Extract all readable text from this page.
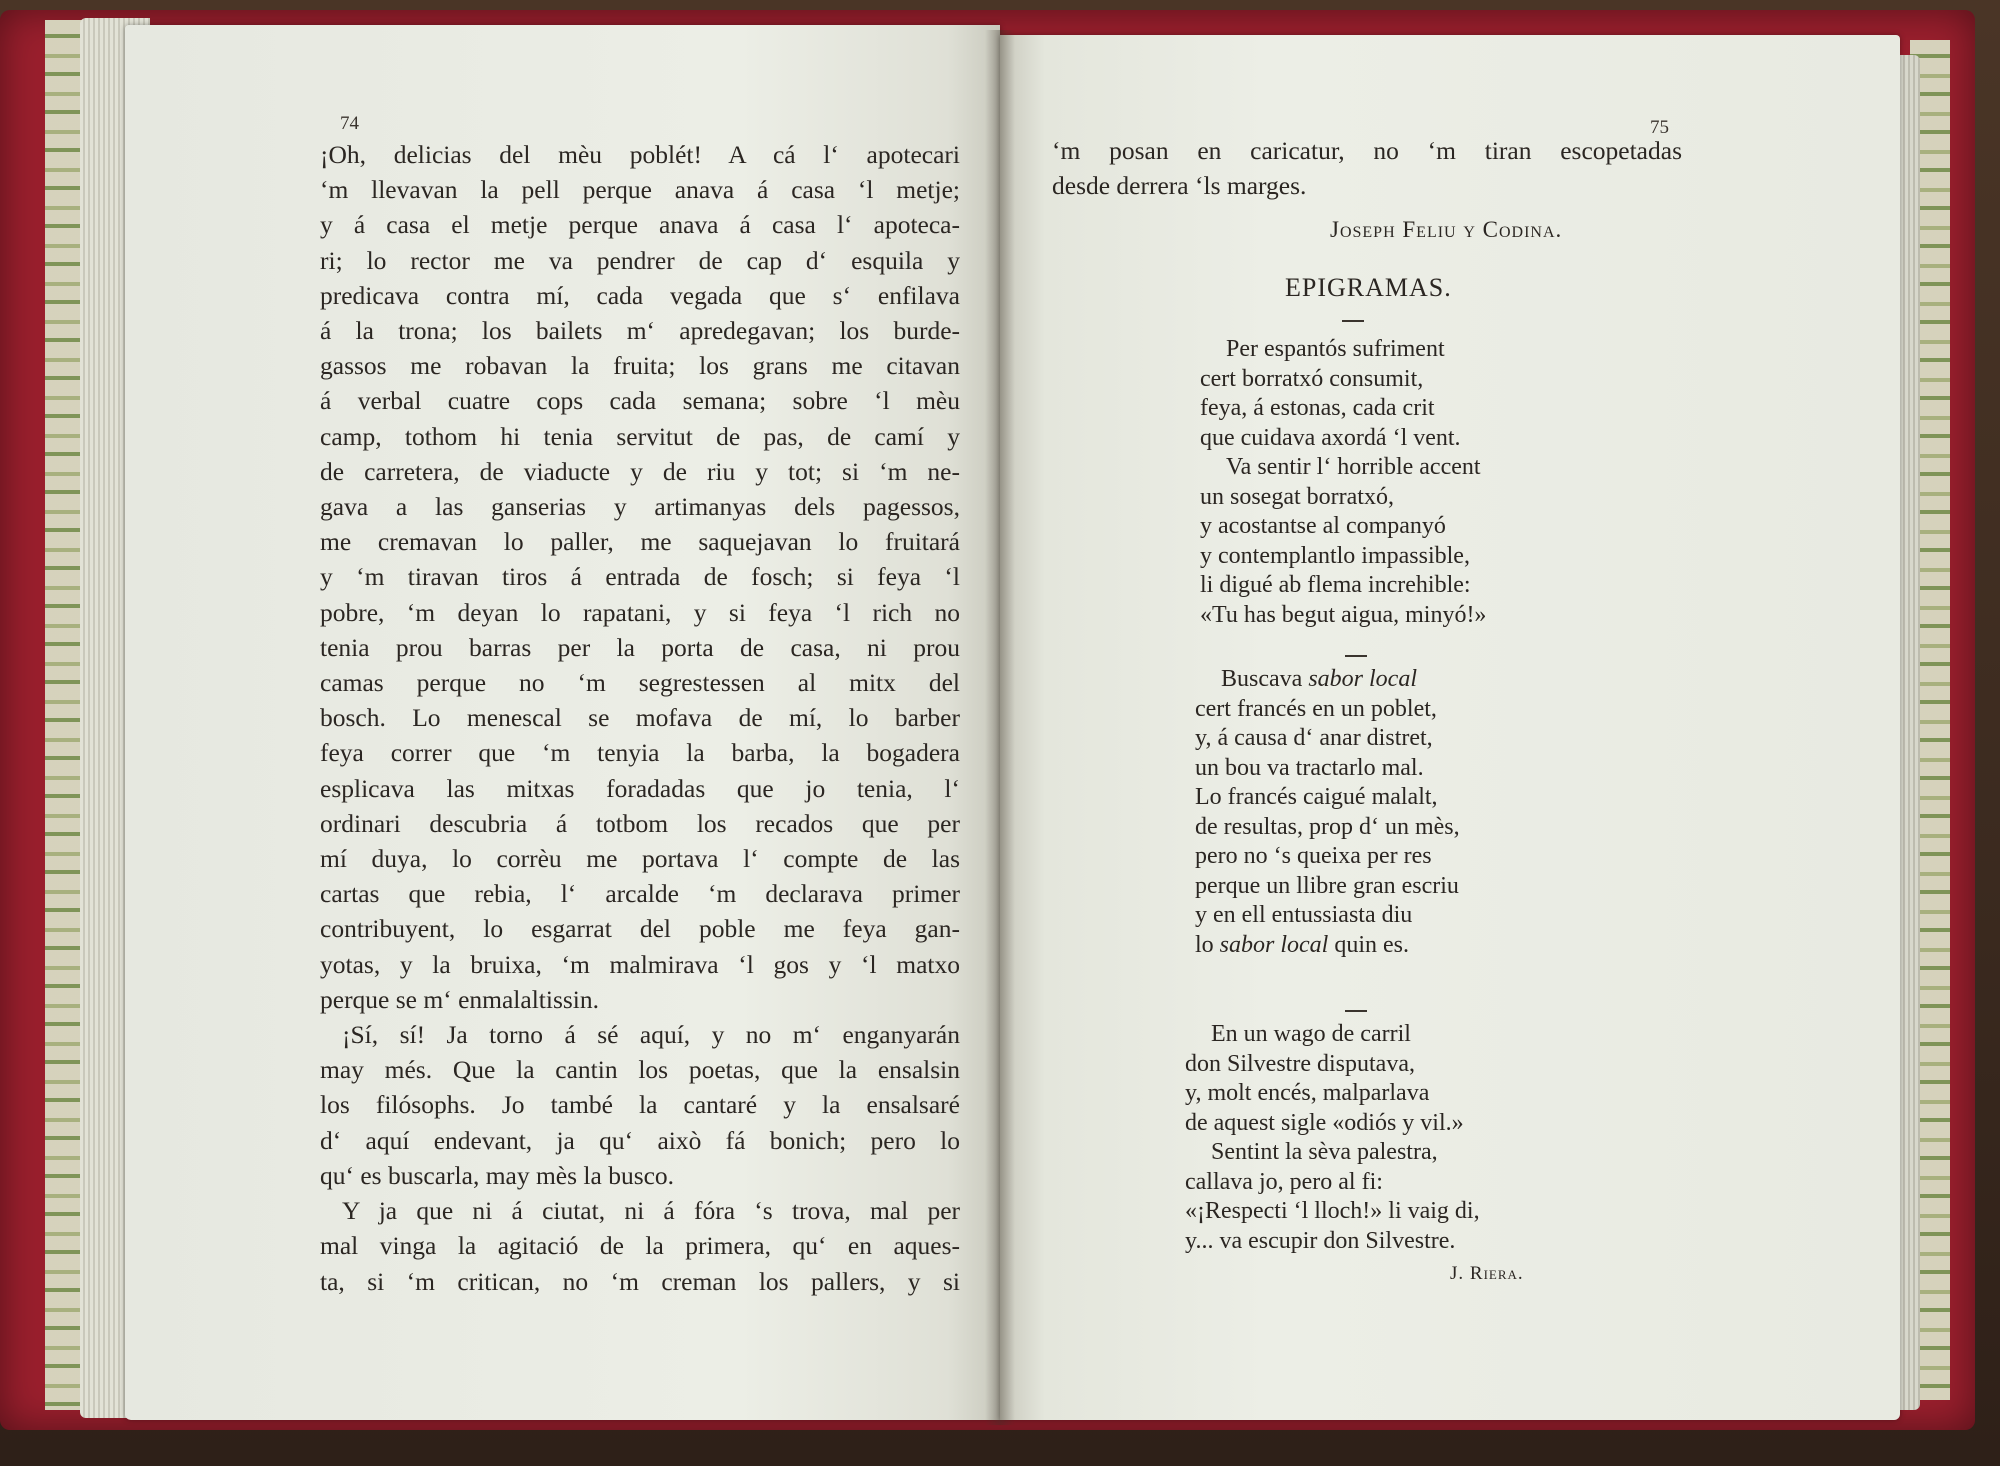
74

¡Oh, delicias del mèu poblét! A cá l‘ apotecari
‘m llevavan la pell perque anava á casa ‘l metje;
y á casa el metje perque anava á casa l‘ apoteca-
ri; lo rector me va pendrer de cap d‘ esquila y
predicava contra mí, cada vegada que s‘ enfilava
á la trona; los bailets m‘ apredegavan; los burde-
gassos me robavan la fruita; los grans me citavan
á verbal cuatre cops cada semana; sobre ‘l mèu
camp, tothom hi tenia servitut de pas, de camí y
de carretera, de viaducte y de riu y tot; si ‘m ne-
gava a las ganserias y artimanyas dels pagessos,
me cremavan lo paller, me saquejavan lo fruitará
y ‘m tiravan tiros á entrada de fosch; si feya ‘l
pobre, ‘m deyan lo rapatani, y si feya ‘l rich no
tenia prou barras per la porta de casa, ni prou
camas perque no ‘m segrestessen al mitx del
bosch. Lo menescal se mofava de mí, lo barber
feya correr que ‘m tenyia la barba, la bogadera
esplicava las mitxas foradadas que jo tenia, l‘
ordinari descubria á totbom los recados que per
mí duya, lo corrèu me portava l‘ compte de las
cartas que rebia, l‘ arcalde ‘m declarava primer
contribuyent, lo esgarrat del poble me feya gan-
yotas, y la bruixa, ‘m malmirava ‘l gos y ‘l matxo
perque se m‘ enmalaltissin.

¡Sí, sí! Ja torno á sé aquí, y no m‘ enganyarán
may més. Que la cantin los poetas, que la ensalsin
los filósophs. Jo també la cantaré y la ensalsaré
d‘ aquí endevant, ja qu‘ això fá bonich; pero lo
qu‘ es buscarla, may mès la busco.

Y ja que ni á ciutat, ni á fóra ‘s trova, mal per
mal vinga la agitació de la primera, qu‘ en aques-
ta, si ‘m critican, no ‘m creman los pallers, y si

75
‘m posan en caricatur, no ‘m tiran escopetadas
desde derrera ‘ls marges.
Joseph Feliu y Codina.
EPIGRAMAS.
Per espantós sufriment
cert borratxó consumit,
feya, á estonas, cada crit
que cuidava axordá ‘l vent.
Va sentir l‘ horrible accent
un sosegat borratxó,
y acostantse al companyó
y contemplantlo impassible,
li digué ab flema increhible:
«Tu has begut aigua, minyó!»
Buscava sabor local
cert francés en un poblet,
y, á causa d‘ anar distret,
un bou va tractarlo mal.
Lo francés caigué malalt,
de resultas, prop d‘ un mès,
pero no ‘s queixa per res
perque un llibre gran escriu
y en ell entussiasta diu
lo sabor local quin es.
En un wago de carril
don Silvestre disputava,
y, molt encés, malparlava
de aquest sigle «odiós y vil.»
Sentint la sèva palestra,
callava jo, pero al fi:
«¡Respecti ‘l lloch!» li vaig di,
y... va escupir don Silvestre.
J. Riera.
